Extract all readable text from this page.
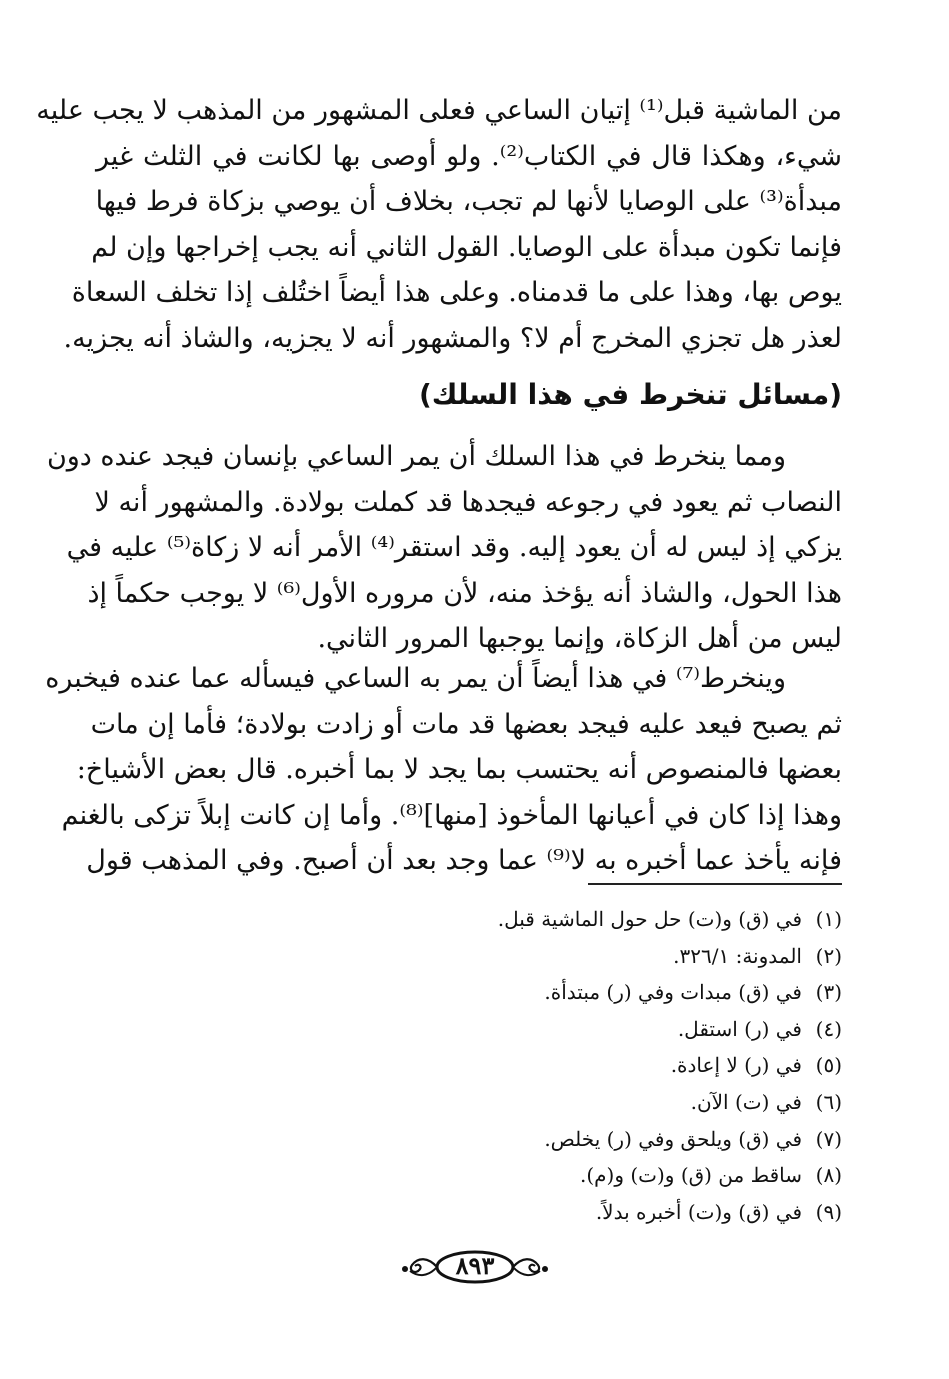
من الماشية قبل⁽¹⁾ إتيان الساعي فعلى المشهور من المذهب لا يجب عليه
شيء، وهكذا قال في الكتاب⁽²⁾. ولو أوصى بها لكانت في الثلث غير
مبدأة⁽³⁾ على الوصايا لأنها لم تجب، بخلاف أن يوصي بزكاة فرط فيها
فإنما تكون مبدأة على الوصايا. القول الثاني أنه يجب إخراجها وإن لم
يوص بها، وهذا على ما قدمناه. وعلى هذا أيضاً اختُلف إذا تخلف السعاة
لعذر هل تجزي المخرج أم لا؟ والمشهور أنه لا يجزيه، والشاذ أنه يجزيه.
(مسائل تنخرط في هذا السلك)
ومما ينخرط في هذا السلك أن يمر الساعي بإنسان فيجد عنده دون
النصاب ثم يعود في رجوعه فيجدها قد كملت بولادة. والمشهور أنه لا
يزكي إذ ليس له أن يعود إليه. وقد استقر⁽⁴⁾ الأمر أنه لا زكاة⁽⁵⁾ عليه في
هذا الحول، والشاذ أنه يؤخذ منه، لأن مروره الأول⁽⁶⁾ لا يوجب حكماً إذ
ليس من أهل الزكاة، وإنما يوجبها المرور الثاني.
وينخرط⁽⁷⁾ في هذا أيضاً أن يمر به الساعي فيسأله عما عنده فيخبره
ثم يصبح فيعد عليه فيجد بعضها قد مات أو زادت بولادة؛ فأما إن مات
بعضها فالمنصوص أنه يحتسب بما يجد لا بما أخبره. قال بعض الأشياخ:
وهذا إذا كان في أعيانها المأخوذ [منها]⁽⁸⁾. وأما إن كانت إبلاً تزكى بالغنم
فإنه يأخذ عما أخبره به لا⁽⁹⁾ عما وجد بعد أن أصبح. وفي المذهب قول
(١)في (ق) و(ت) حل حول الماشية قبل.
(٢)المدونة: ٣٢٦/١.
(٣)في (ق) مبدات وفي (ر) مبتدأة.
(٤)في (ر) استقل.
(٥)في (ر) لا إعادة.
(٦)في (ت) الآن.
(٧)في (ق) ويلحق وفي (ر) يخلص.
(٨)ساقط من (ق) و(ت) و(م).
(٩)في (ق) و(ت) أخبره بدلاً.
٨٩٣
